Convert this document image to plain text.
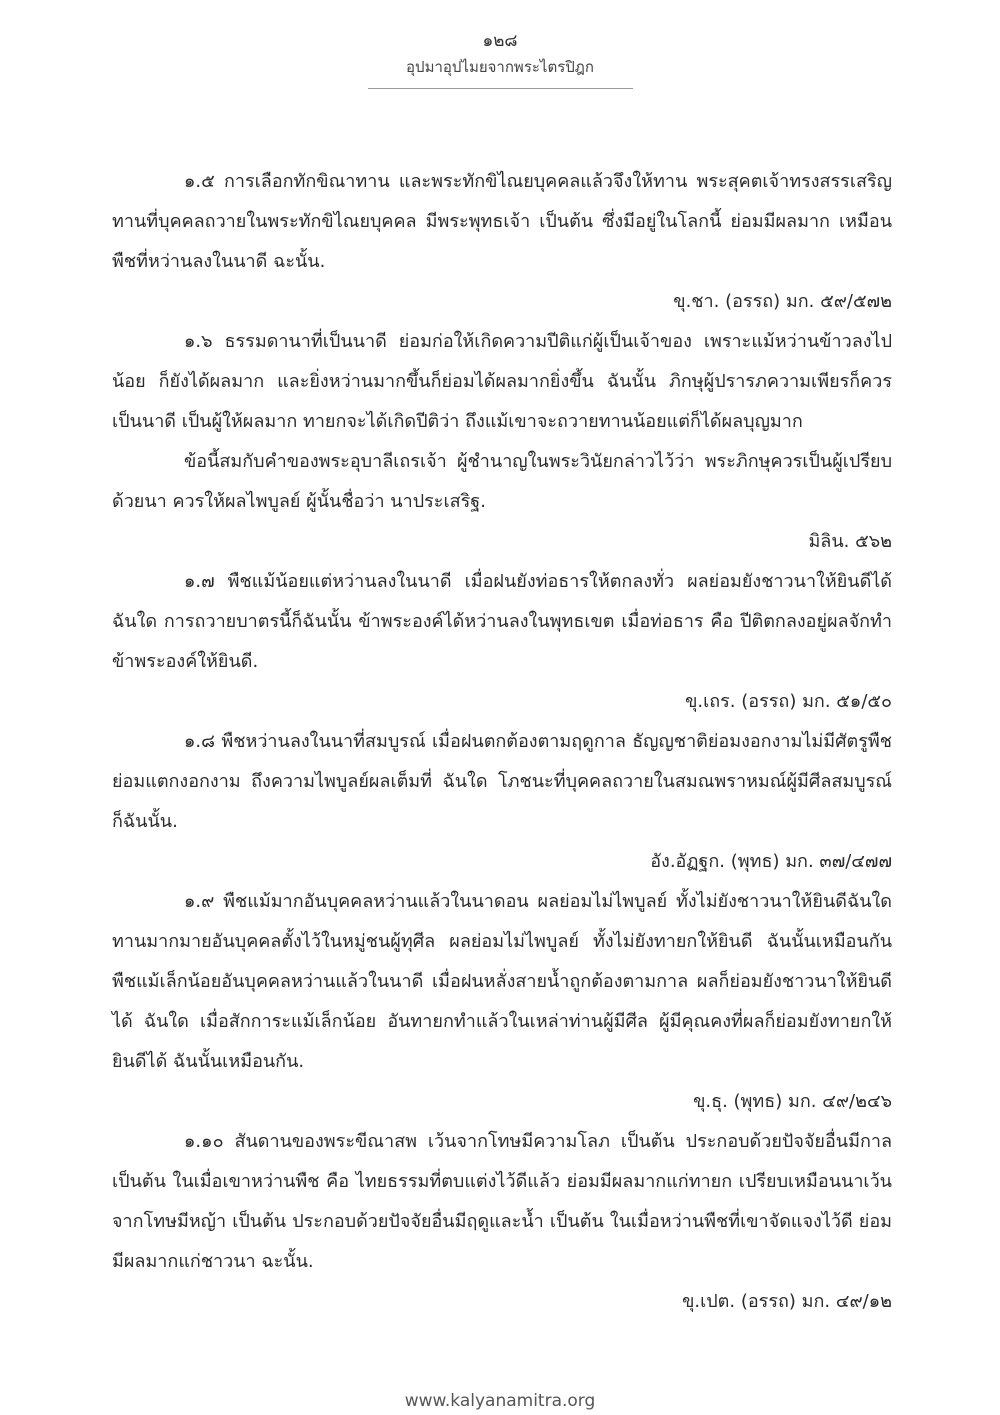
๑๒๘
อุปมาอุปไมยจากพระไตรปิฎก

๑.๕ การเลือกทักขิณาทาน และพระทักขิไณยบุคคลแล้วจึงให้ทาน พระสุคตเจ้าทรงสรรเสริญ ทานที่บุคคลถวายในพระทักขิไณยบุคคล มีพระพุทธเจ้า เป็นต้น ซึ่งมีอยู่ในโลกนี้ ย่อมมีผลมาก เหมือนพืชที่หว่านลงในนาดี ฉะนั้น.

ขุ.ชา. (อรรถ) มก. ๕๙/๕๗๒

๑.๖ ธรรมดานาที่เป็นนาดี ย่อมก่อให้เกิดความปีติแก่ผู้เป็นเจ้าของ เพราะแม้หว่านข้าวลงไปน้อย ก็ยังได้ผลมาก และยิ่งหว่านมากขึ้นก็ย่อมได้ผลมากยิ่งขึ้น ฉันนั้น ภิกษุผู้ปรารภความเพียรก็ควรเป็นนาดี เป็นผู้ให้ผลมาก ทายกจะได้เกิดปีติว่า ถึงแม้เขาจะถวายทานน้อยแต่ก็ได้ผลบุญมาก

ข้อนี้สมกับคำของพระอุบาลีเถรเจ้า ผู้ชำนาญในพระวินัยกล่าวไว้ว่า พระภิกษุควรเป็นผู้เปรียบด้วยนา ควรให้ผลไพบูลย์ ผู้นั้นชื่อว่า นาประเสริฐ.

มิลิน. ๕๖๒

๑.๗ พืชแม้น้อยแต่หว่านลงในนาดี เมื่อฝนยังท่อธารให้ตกลงทั่ว ผลย่อมยังชาวนาให้ยินดีได้ ฉันใด การถวายบาตรนี้ก็ฉันนั้น ข้าพระองค์ได้หว่านลงในพุทธเขต เมื่อท่อธาร คือ ปีติตกลงอยู่ผลจักทำข้าพระองค์ให้ยินดี.

ขุ.เถร. (อรรถ) มก. ๕๑/๕๐

๑.๘ พืชหว่านลงในนาที่สมบูรณ์ เมื่อฝนตกต้องตามฤดูกาล ธัญญชาติย่อมงอกงามไม่มีศัตรูพืชย่อมแตกงอกงาม ถึงความไพบูลย์ผลเต็มที่ ฉันใด โภชนะที่บุคคลถวายในสมณพราหมณ์ผู้มีศีลสมบูรณ์ ก็ฉันนั้น.

อัง.อัฏฐก. (พุทธ) มก. ๓๗/๔๗๗

๑.๙ พืชแม้มากอันบุคคลหว่านแล้วในนาดอน ผลย่อมไม่ไพบูลย์ ทั้งไม่ยังชาวนาให้ยินดีฉันใด ทานมากมายอันบุคคลตั้งไว้ในหมู่ชนผู้ทุศีล ผลย่อมไม่ไพบูลย์ ทั้งไม่ยังทายกให้ยินดี ฉันนั้นเหมือนกัน พืชแม้เล็กน้อยอันบุคคลหว่านแล้วในนาดี เมื่อฝนหลั่งสายน้ำถูกต้องตามกาล ผลก็ย่อมยังชาวนาให้ยินดีได้ ฉันใด เมื่อสักการะแม้เล็กน้อย อันทายกทำแล้วในเหล่าท่านผู้มีศีล ผู้มีคุณคงที่ผลก็ย่อมยังทายกให้ยินดีได้ ฉันนั้นเหมือนกัน.

ขุ.ธุ. (พุทธ) มก. ๔๙/๒๔๖

๑.๑๐ สันดานของพระขีณาสพ เว้นจากโทษมีความโลภ เป็นต้น ประกอบด้วยปัจจัยอื่นมีกาลเป็นต้น ในเมื่อเขาหว่านพืช คือ ไทยธรรมที่ตบแต่งไว้ดีแล้ว ย่อมมีผลมากแก่ทายก เปรียบเหมือนนาเว้นจากโทษมีหญ้า เป็นต้น ประกอบด้วยปัจจัยอื่นมีฤดูและน้ำ เป็นต้น ในเมื่อหว่านพืชที่เขาจัดแจงไว้ดี ย่อมมีผลมากแก่ชาวนา ฉะนั้น.

ขุ.เปต. (อรรถ) มก. ๔๙/๑๒

www.kalyanamitra.org
